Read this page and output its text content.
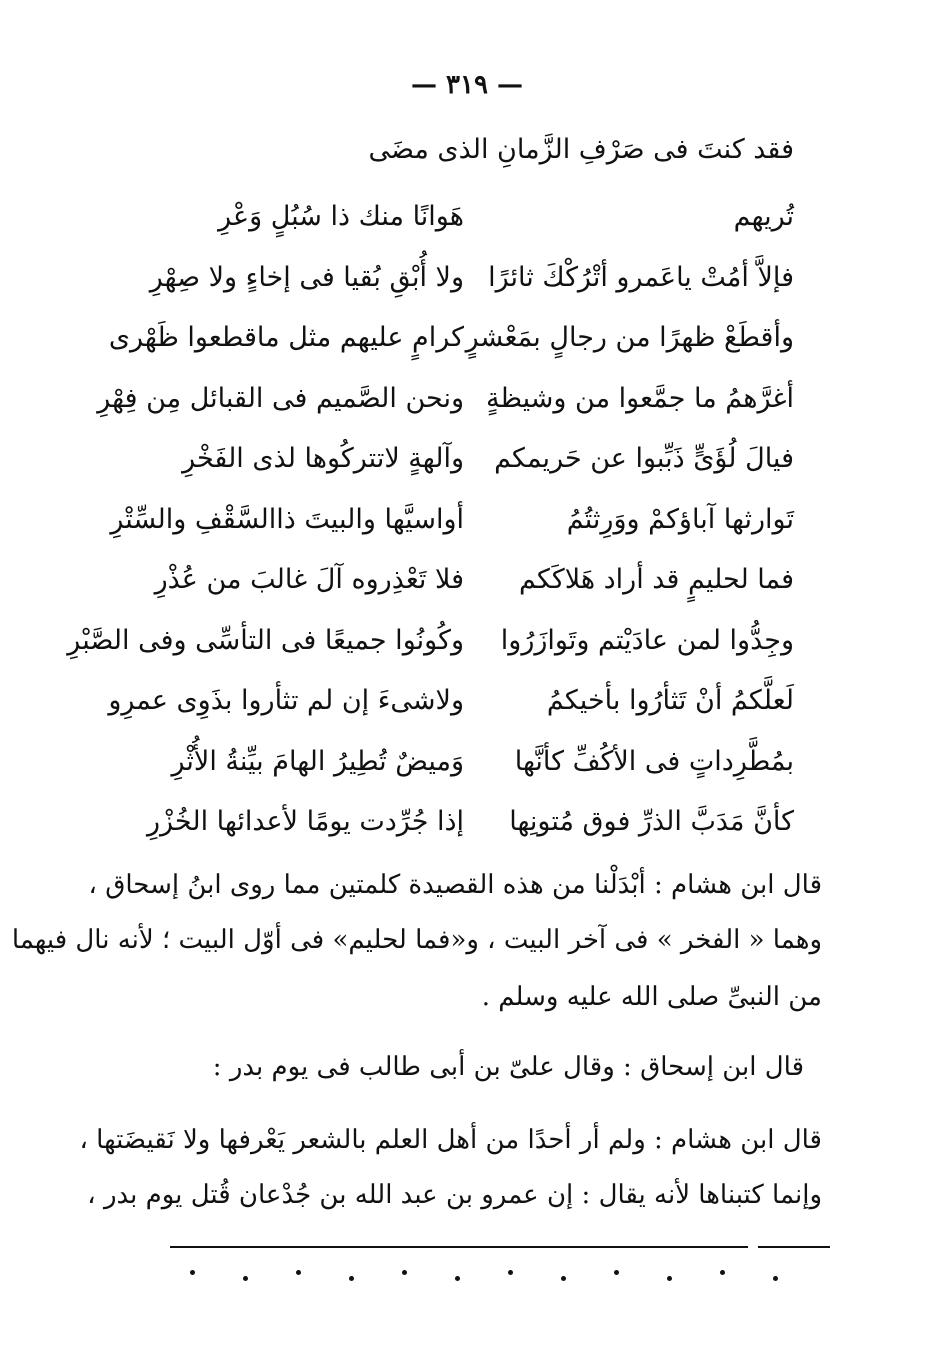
— ٣١٩ —
فقد كنتَ فى صَرْفِ الزَّمانِ الذى مضَى
تُريهم
هَوانًا منك ذا سُبُلٍ وَعْرِ
فإلاَّ أمُتْ ياعَمرو أتْرُكْكَ ثائرًا
ولا أُبْقِ بُقيا فى إخاءٍ ولا صِهْرِ
وأقطَعْ ظهرًا من رجالٍ بمَعْشرٍ
كرامٍ عليهم مثل ماقطعوا ظَهْرى
أغرَّهمُ ما جمَّعوا من وشيظةٍ
ونحن الصَّميم فى القبائل مِن فِهْرِ
فيالَ لُؤَىٍّ ذَبِّبوا عن حَريمكم
وآلهةٍ لاتتركُوها لذى الفَخْرِ
تَوارثها آباؤكمْ ووَرِثتُمُ
أواسيَّها والبيتَ ذاالسَّقْفِ والسِّتْرِ
فما لحليمٍ قد أراد هَلاكَكم
فلا تَعْذِروه آلَ غالبَ من عُذْرِ
وجِدُّوا لمن عادَيْتم وتَوازَرُوا
وكُونُوا جميعًا فى التأسِّى وفى الصَّبْرِ
لَعلَّكمُ أنْ تَثأرُوا بأخيكمُ
ولاشىءَ إن لم تثأروا بذَوِى عمرِو
بمُطَّرِداتٍ فى الأكُفِّ كأنَّها
وَميضٌ تُطِيرُ الهامَ بيِّنةُ الأُثْرِ
كأنَّ مَدَبَّ الذرِّ فوق مُتونِها
إذا جُرِّدت يومًا لأعدائها الخُزْرِ
قال ابن هشام : أبْدَلْنا من هذه القصيدة كلمتين مما روى ابنُ إسحاق ،
وهما « الفخر » فى آخر البيت ، و«فما لحليم» فى أوّل البيت ؛ لأنه نال فيهما
من النبىِّ صلى الله عليه وسلم .
قال ابن إسحاق : وقال علىّ بن أبى طالب فى يوم بدر :
قال ابن هشام : ولم أر أحدًا من أهل العلم بالشعر يَعْرفها ولا نَقيضَتها ،
وإنما كتبناها لأنه يقال : إن عمرو بن عبد الله بن جُدْعان قُتل يوم بدر ،
